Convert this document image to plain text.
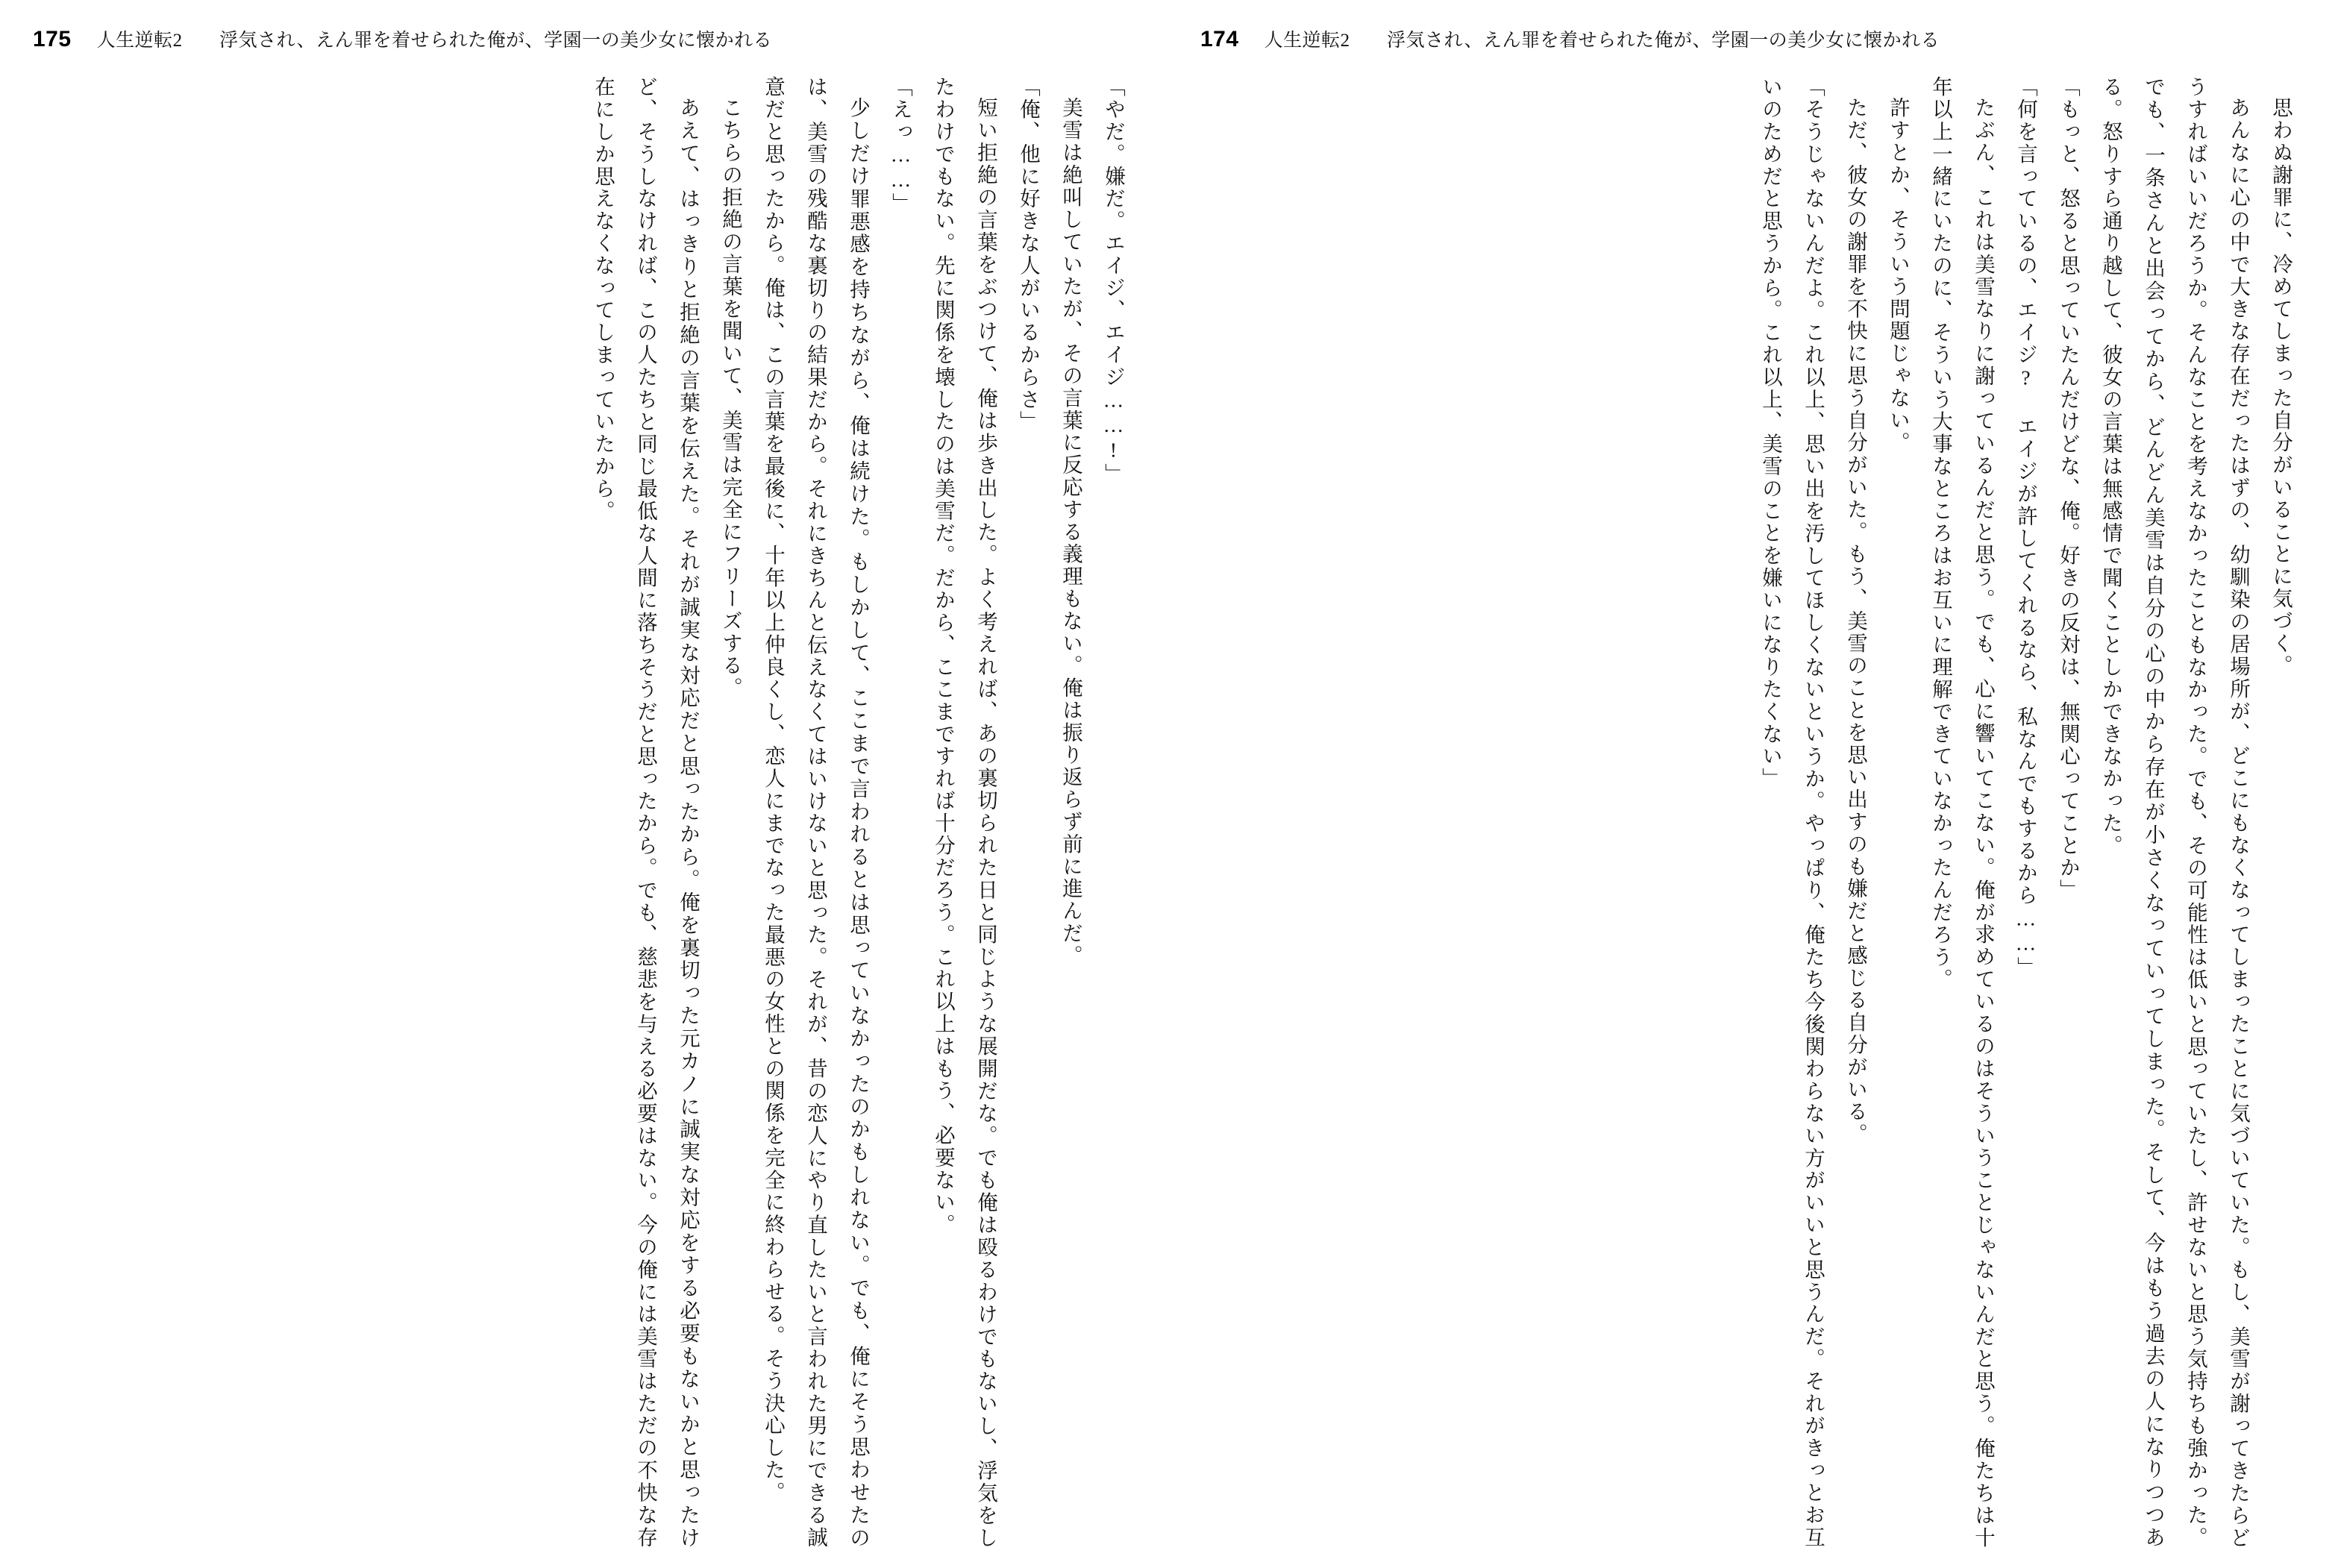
175 人生逆転2 浮気され、えん罪を着せられた俺が、学園一の美少女に懐かれる

「やだ。嫌だ。エイジ、エイジ……!」

美雪は絶叫していたが、その言葉に反応する義理もない。俺は振り返らず前に進んだ。

「俺、他に好きな人がいるからさ」

短い拒絶の言葉をぶつけて、俺は歩き出した。よく考えれば、あの裏切られた日と同じような展開だな。でも俺は殴るわけでもないし、浮気をしたわけでもない。先に関係を壊したのは美雪だ。だから、ここまですれば十分だろう。これ以上はもう、必要ない。

「えっ……」

少しだけ罪悪感を持ちながら、俺は続けた。もしかして、ここまで言われるとは思っていなかったのかもしれない。でも、俺にそう思わせたのは、美雪の残酷な裏切りの結果だから。それにきちんと伝えなくてはいけないと思った。それが、昔の恋人にやり直したいと言われた男にできる誠意だと思ったから。俺は、この言葉を最後に、十年以上仲良くし、恋人にまでなった最悪の女性との関係を完全に終わらせる。そう決心した。

こちらの拒絶の言葉を聞いて、美雪は完全にフリーズする。

あえて、はっきりと拒絶の言葉を伝えた。それが誠実な対応だと思ったから。俺を裏切った元カノに誠実な対応をする必要もないかと思ったけど、そうしなければ、この人たちと同じ最低な人間に落ちそうだと思ったから。でも、慈悲を与える必要はない。今の俺には美雪はただの不快な存在にしか思えなくなってしまっていたから。

174 人生逆転2 浮気され、えん罪を着せられた俺が、学園一の美少女に懐かれる

思わぬ謝罪に、冷めてしまった自分がいることに気づく。

あんなに心の中で大きな存在だったはずの、幼馴染の居場所が、どこにもなくなってしまったことに気づいていた。もし、美雪が謝ってきたらどうすればいいだろうか。そんなことを考えなかったこともなかった。でも、その可能性は低いと思っていたし、許せないと思う気持ちも強かった。でも、一条さんと出会ってから、どんどん美雪は自分の心の中から存在が小さくなっていってしまった。そして、今はもう過去の人になりつつある。怒りすら通り越して、彼女の言葉は無感情で聞くことしかできなかった。

「もっと、怒ると思っていたんだけどな、俺。好きの反対は、無関心ってことか」

「何を言っているの、エイジ? エイジが許してくれるなら、私なんでもするから……」

たぶん、これは美雪なりに謝っているんだと思う。でも、心に響いてこない。俺が求めているのはそういうことじゃないんだと思う。俺たちは十年以上一緒にいたのに、そういう大事なところはお互いに理解できていなかったんだろう。

許すとか、そういう問題じゃない。

ただ、彼女の謝罪を不快に思う自分がいた。もう、美雪のことを思い出すのも嫌だと感じる自分がいる。

「そうじゃないんだよ。これ以上、思い出を汚してほしくないというか。やっぱり、俺たち今後関わらない方がいいと思うんだ。それがきっとお互いのためだと思うから。これ以上、美雪のことを嫌いになりたくない」
